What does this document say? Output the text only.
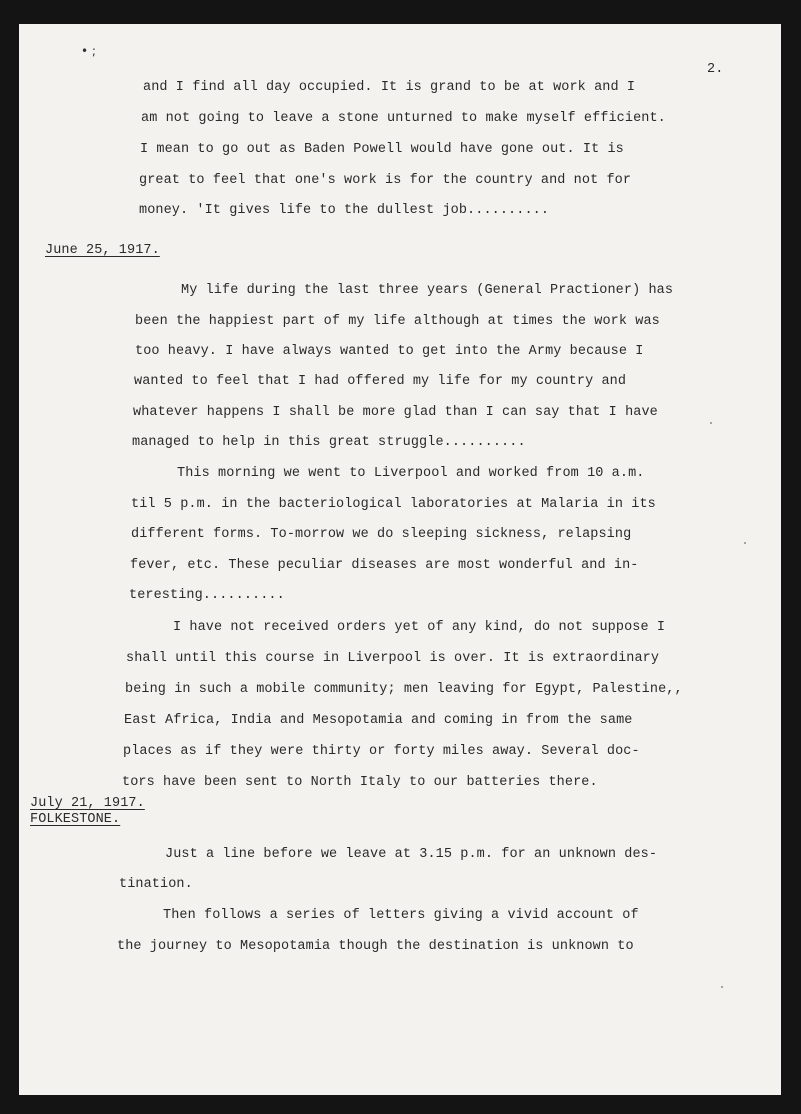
• ;
2.
and I find all day occupied. It is grand to be at work and I
am not going to leave a stone unturned to make myself efficient.
I mean to go out as Baden Powell would have gone out. It is
great to feel that one's work is for the country and not for
money. 'It gives life to the dullest job..........
June 25, 1917.
My life during the last three years (General Practioner) has
been the happiest part of my life although at times the work was
too heavy. I have always wanted to get into the Army because I
wanted to feel that I had offered my life for my country and
whatever happens I shall be more glad than I can say that I have
managed to help in this great struggle..........
This morning we went to Liverpool and worked from 10 a.m.
til 5 p.m. in the bacteriological laboratories at Malaria in its
different forms. To-morrow we do sleeping sickness, relapsing
fever, etc. These peculiar diseases are most wonderful and in-
teresting..........
I have not received orders yet of any kind, do not suppose I
shall until this course in Liverpool is over. It is extraordinary
being in such a mobile community; men leaving for Egypt, Palestine,,
East Africa, India and Mesopotamia and coming in from the same
places as if they were thirty or forty miles away. Several doc-
tors have been sent to North Italy to our batteries there.
July 21, 1917.
FOLKESTONE.
Just a line before we leave at 3.15 p.m. for an unknown des-
tination.
Then follows a series of letters giving a vivid account of
the journey to Mesopotamia though the destination is unknown to
